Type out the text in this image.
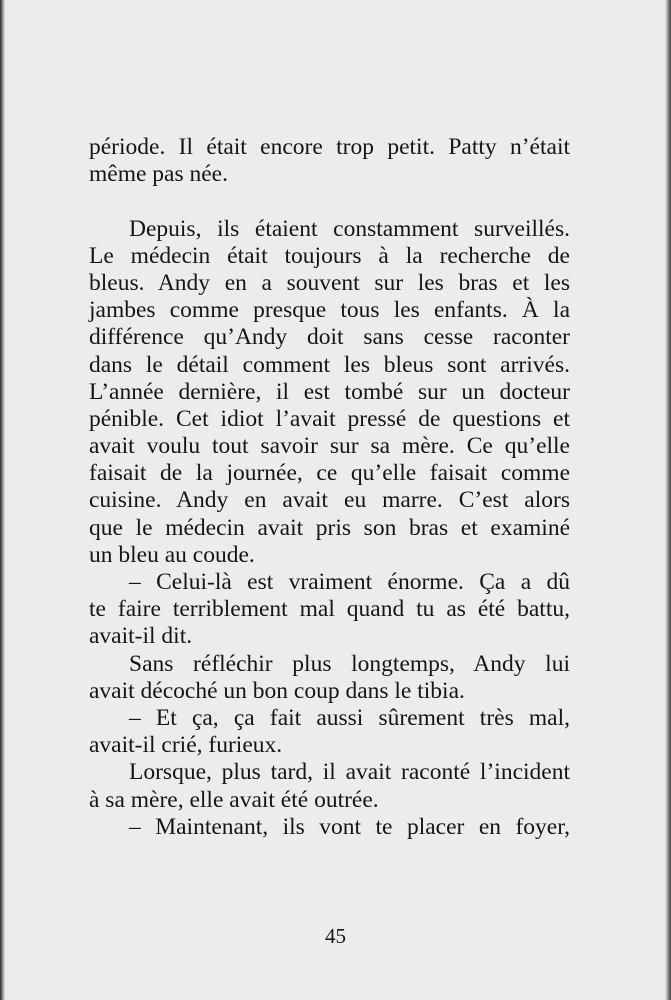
période. Il était encore trop petit. Patty n’était
même pas née.
Depuis, ils étaient constamment surveillés.
Le médecin était toujours à la recherche de
bleus. Andy en a souvent sur les bras et les
jambes comme presque tous les enfants. À la
différence qu’Andy doit sans cesse raconter
dans le détail comment les bleus sont arrivés.
L’année dernière, il est tombé sur un docteur
pénible. Cet idiot l’avait pressé de questions et
avait voulu tout savoir sur sa mère. Ce qu’elle
faisait de la journée, ce qu’elle faisait comme
cuisine. Andy en avait eu marre. C’est alors
que le médecin avait pris son bras et examiné
un bleu au coude.
– Celui-là est vraiment énorme. Ça a dû
te faire terriblement mal quand tu as été battu,
avait-il dit.
Sans réfléchir plus longtemps, Andy lui
avait décoché un bon coup dans le tibia.
– Et ça, ça fait aussi sûrement très mal,
avait-il crié, furieux.
Lorsque, plus tard, il avait raconté l’incident
à sa mère, elle avait été outrée.
– Maintenant, ils vont te placer en foyer,
45
